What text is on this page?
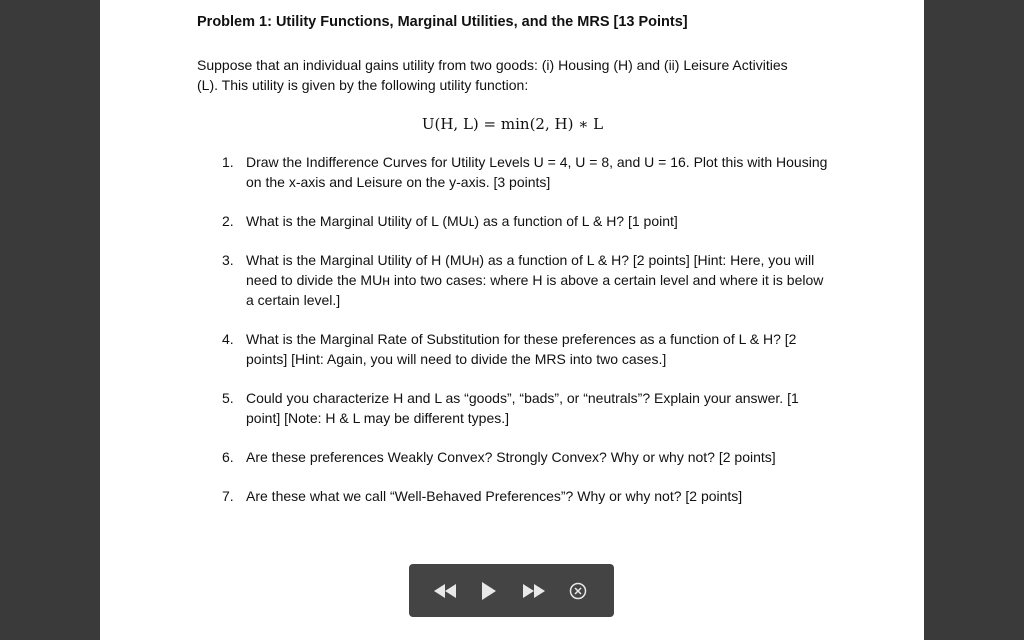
Problem 1: Utility Functions, Marginal Utilities, and the MRS [13 Points]

Suppose that an individual gains utility from two goods: (i) Housing (H) and (ii) Leisure Activities
(L). This utility is given by the following utility function:

U(H, L) = min(2, H) ∗ L
1. Draw the Indifference Curves for Utility Levels U = 4, U = 8, and U = 16. Plot this with Housing on the x-axis and Leisure on the y-axis. [3 points]
2. What is the Marginal Utility of L (MUʟ) as a function of L & H? [1 point]
3. What is the Marginal Utility of H (MUʜ) as a function of L & H? [2 points] [Hint: Here, you will need to divide the MUʜ into two cases: where H is above a certain level and where it is below a certain level.]
4. What is the Marginal Rate of Substitution for these preferences as a function of L & H? [2 points] [Hint: Again, you will need to divide the MRS into two cases.]
5. Could you characterize H and L as “goods”, “bads”, or “neutrals”? Explain your answer. [1 point] [Note: H & L may be different types.]
6. Are these preferences Weakly Convex? Strongly Convex? Why or why not? [2 points]
7. Are these what we call “Well-Behaved Preferences”? Why or why not? [2 points]
